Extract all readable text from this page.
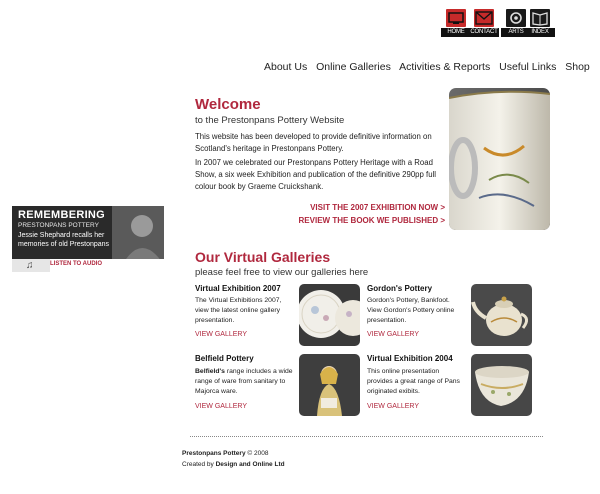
HOME CONTACT	ARTS	INDEX
About Us Online Galleries Activities & Reports Useful Links Shop
Welcome
to the Prestonpans Pottery Website
This website has been developed to provide definitive information on Scotland's heritage in Prestonpans Pottery.
In 2007 we celebrated our Prestonpans Pottery Heritage with a Road Show, a six week Exhibition and publication of the definitive 290pp full colour book by Graeme Cruickshank.
VISIT THE 2007 EXHIBITION NOW >
REVIEW THE BOOK WE PUBLISHED >
REMEMBERING
PRESTONPANS POTTERY
Jessie Shephard recalls her
memories of old Prestonpans
LISTEN TO AUDIO
♫
Our Virtual Galleries
please feel free to view our galleries here
Virtual Exhibition 2007
The Virtual Exhibitions 2007, view the latest online gallery presentation.
VIEW GALLERY
Gordon's Pottery
Gordon's Pottery, Bankfoot. View Gordon's Pottery online presentation.
VIEW GALLERY
Belfield Pottery
Belfield's range includes a wide range of ware from sanitary to Majorca ware.
VIEW GALLERY
Virtual Exhibition 2004
This online presentation provides a great range of Pans originated exibits.
VIEW GALLERY
Prestonpans Pottery © 2008
Created by Design and Online Ltd
